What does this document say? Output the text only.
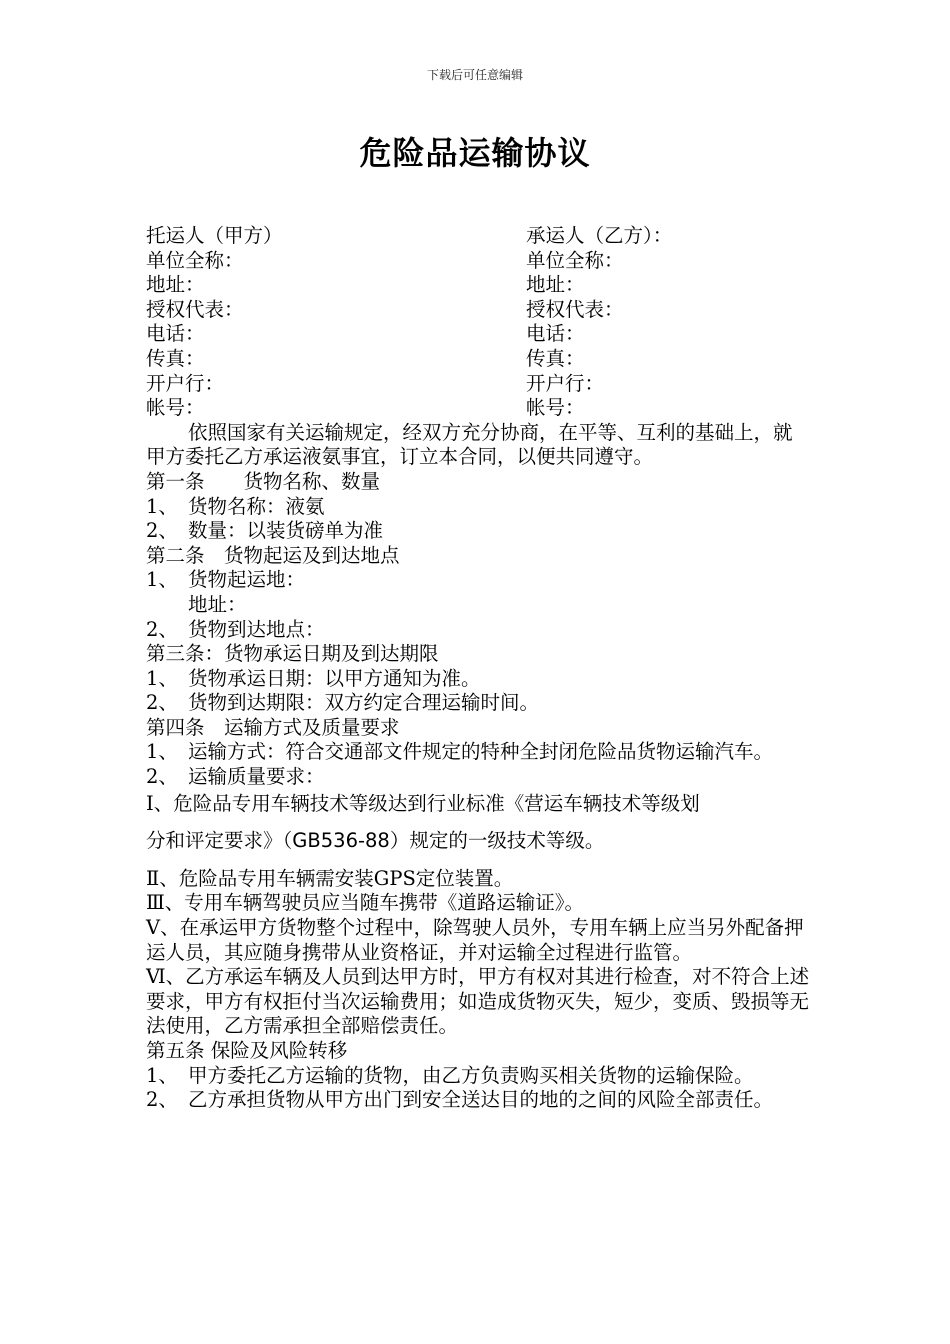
下载后可任意编辑
危险品运输协议
托运人（甲方）	承运人（乙方）：
单位全称：	单位全称：
地址：	地址：
授权代表：	授权代表：
电话：	电话：
传真：	传真：
开户行：	开户行：
帐号：	帐号：

依照国家有关运输规定，经双方充分协商，在平等、互利的基础上，就甲方委托乙方承运液氨事宜，订立本合同，以便共同遵守。

第一条　　货物名称、数量

1、 货物名称：液氨
2、 数量：以装货磅单为准

第二条　货物起运及到达地点

1、 货物起运地：

地址：

2、 货物到达地点：

第三条：货物承运日期及到达期限

1、 货物承运日期：以甲方通知为准。
2、 货物到达期限：双方约定合理运输时间。

第四条　运输方式及质量要求

1、 运输方式：符合交通部文件规定的特种全封闭危险品货物运输汽车。
2、 运输质量要求：

Ⅰ、危险品专用车辆技术等级达到行业标准《营运车辆技术等级划

分和评定要求》（GB536-88）规定的一级技术等级。

Ⅱ、危险品专用车辆需安装GPS定位装置。

Ⅲ、专用车辆驾驶员应当随车携带《道路运输证》。

Ⅴ、在承运甲方货物整个过程中，除驾驶人员外，专用车辆上应当另外配备押运人员，其应随身携带从业资格证，并对运输全过程进行监管。

Ⅵ、乙方承运车辆及人员到达甲方时，甲方有权对其进行检查，对不符合上述要求，甲方有权拒付当次运输费用；如造成货物灭失，短少，变质、毁损等无法使用，乙方需承担全部赔偿责任。

第五条 保险及风险转移

1、 甲方委托乙方运输的货物，由乙方负责购买相关货物的运输保险。
2、 乙方承担货物从甲方出门到安全送达目的地的之间的风险全部责任。
